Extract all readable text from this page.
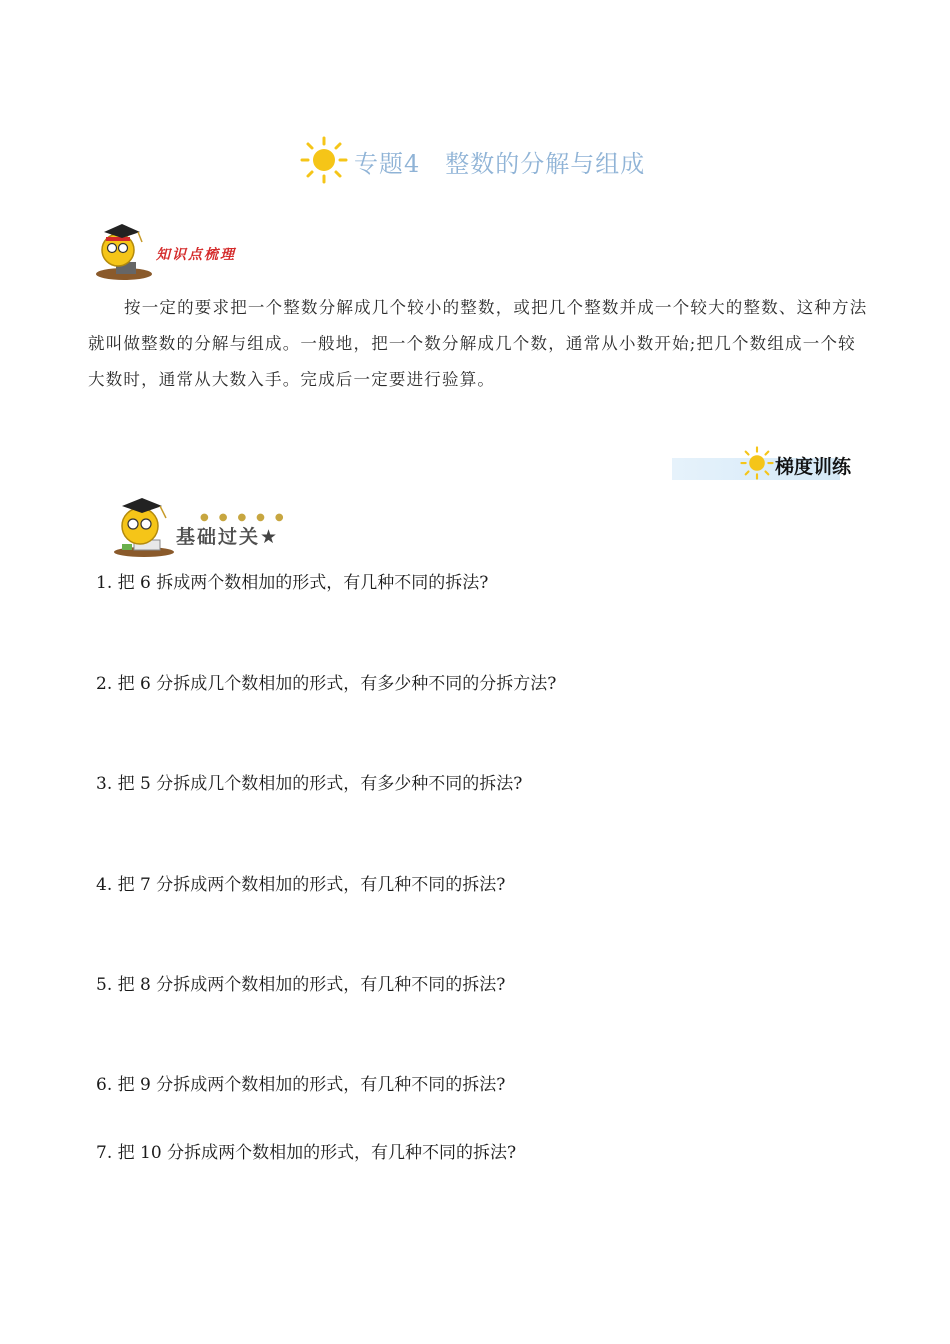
专题4　整数的分解与组成
知识点梳理
按一定的要求把一个整数分解成几个较小的整数，或把几个整数并成一个较大的整数、这种方法就叫做整数的分解与组成。一般地，把一个数分解成几个数，通常从小数开始;把几个数组成一个较大数时，通常从大数入手。完成后一定要进行验算。
梯度训练
●●●●●
基础过关★
1. 把 6 拆成两个数相加的形式，有几种不同的拆法?
2. 把 6 分拆成几个数相加的形式，有多少种不同的分拆方法?
3. 把 5 分拆成几个数相加的形式，有多少种不同的拆法?
4. 把 7 分拆成两个数相加的形式，有几种不同的拆法?
5. 把 8 分拆成两个数相加的形式，有几种不同的拆法?
6. 把 9 分拆成两个数相加的形式，有几种不同的拆法?
7. 把 10 分拆成两个数相加的形式，有几种不同的拆法?
